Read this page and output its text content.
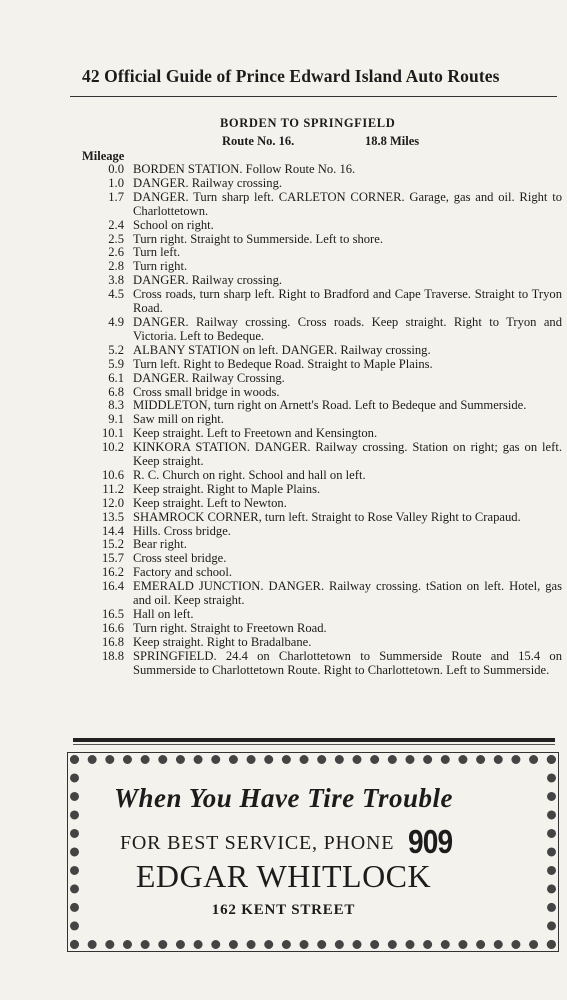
42 Official Guide of Prince Edward Island Auto Routes
BORDEN TO SPRINGFIELD
Route No. 16.	18.8 Miles
Mileage
0.0 BORDEN STATION. Follow Route No. 16.
1.0 DANGER. Railway crossing.
1.7 DANGER. Turn sharp left. CARLETON CORNER. Garage, gas and oil. Right to Charlottetown.
2.4 School on right.
2.5 Turn right. Straight to Summerside. Left to shore.
2.6 Turn left.
2.8 Turn right.
3.8 DANGER. Railway crossing.
4.5 Cross roads, turn sharp left. Right to Bradford and Cape Traverse. Straight to Tryon Road.
4.9 DANGER. Railway crossing. Cross roads. Keep straight. Right to Tryon and Victoria. Left to Bedeque.
5.2 ALBANY STATION on left. DANGER. Railway crossing.
5.9 Turn left. Right to Bedeque Road. Straight to Maple Plains.
6.1 DANGER. Railway Crossing.
6.8 Cross small bridge in woods.
8.3 MIDDLETON, turn right on Arnett's Road. Left to Bedeque and Summerside.
9.1 Saw mill on right.
10.1 Keep straight. Left to Freetown and Kensington.
10.2 KINKORA STATION. DANGER. Railway crossing. Station on right; gas on left. Keep straight.
10.6 R. C. Church on right. School and hall on left.
11.2 Keep straight. Right to Maple Plains.
12.0 Keep straight. Left to Newton.
13.5 SHAMROCK CORNER, turn left. Straight to Rose Valley Right to Crapaud.
14.4 Hills. Cross bridge.
15.2 Bear right.
15.7 Cross steel bridge.
16.2 Factory and school.
16.4 EMERALD JUNCTION. DANGER. Railway crossing. tSation on left. Hotel, gas and oil. Keep straight.
16.5 Hall on left.
16.6 Turn right. Straight to Freetown Road.
16.8 Keep straight. Right to Bradalbane.
18.8 SPRINGFIELD. 24.4 on Charlottetown to Summerside Route and 15.4 on Summerside to Charlottetown Route. Right to Charlottetown. Left to Summerside.
When You Have Tire Trouble
FOR BEST SERVICE, PHONE 909
EDGAR WHITLOCK
162 KENT STREET
